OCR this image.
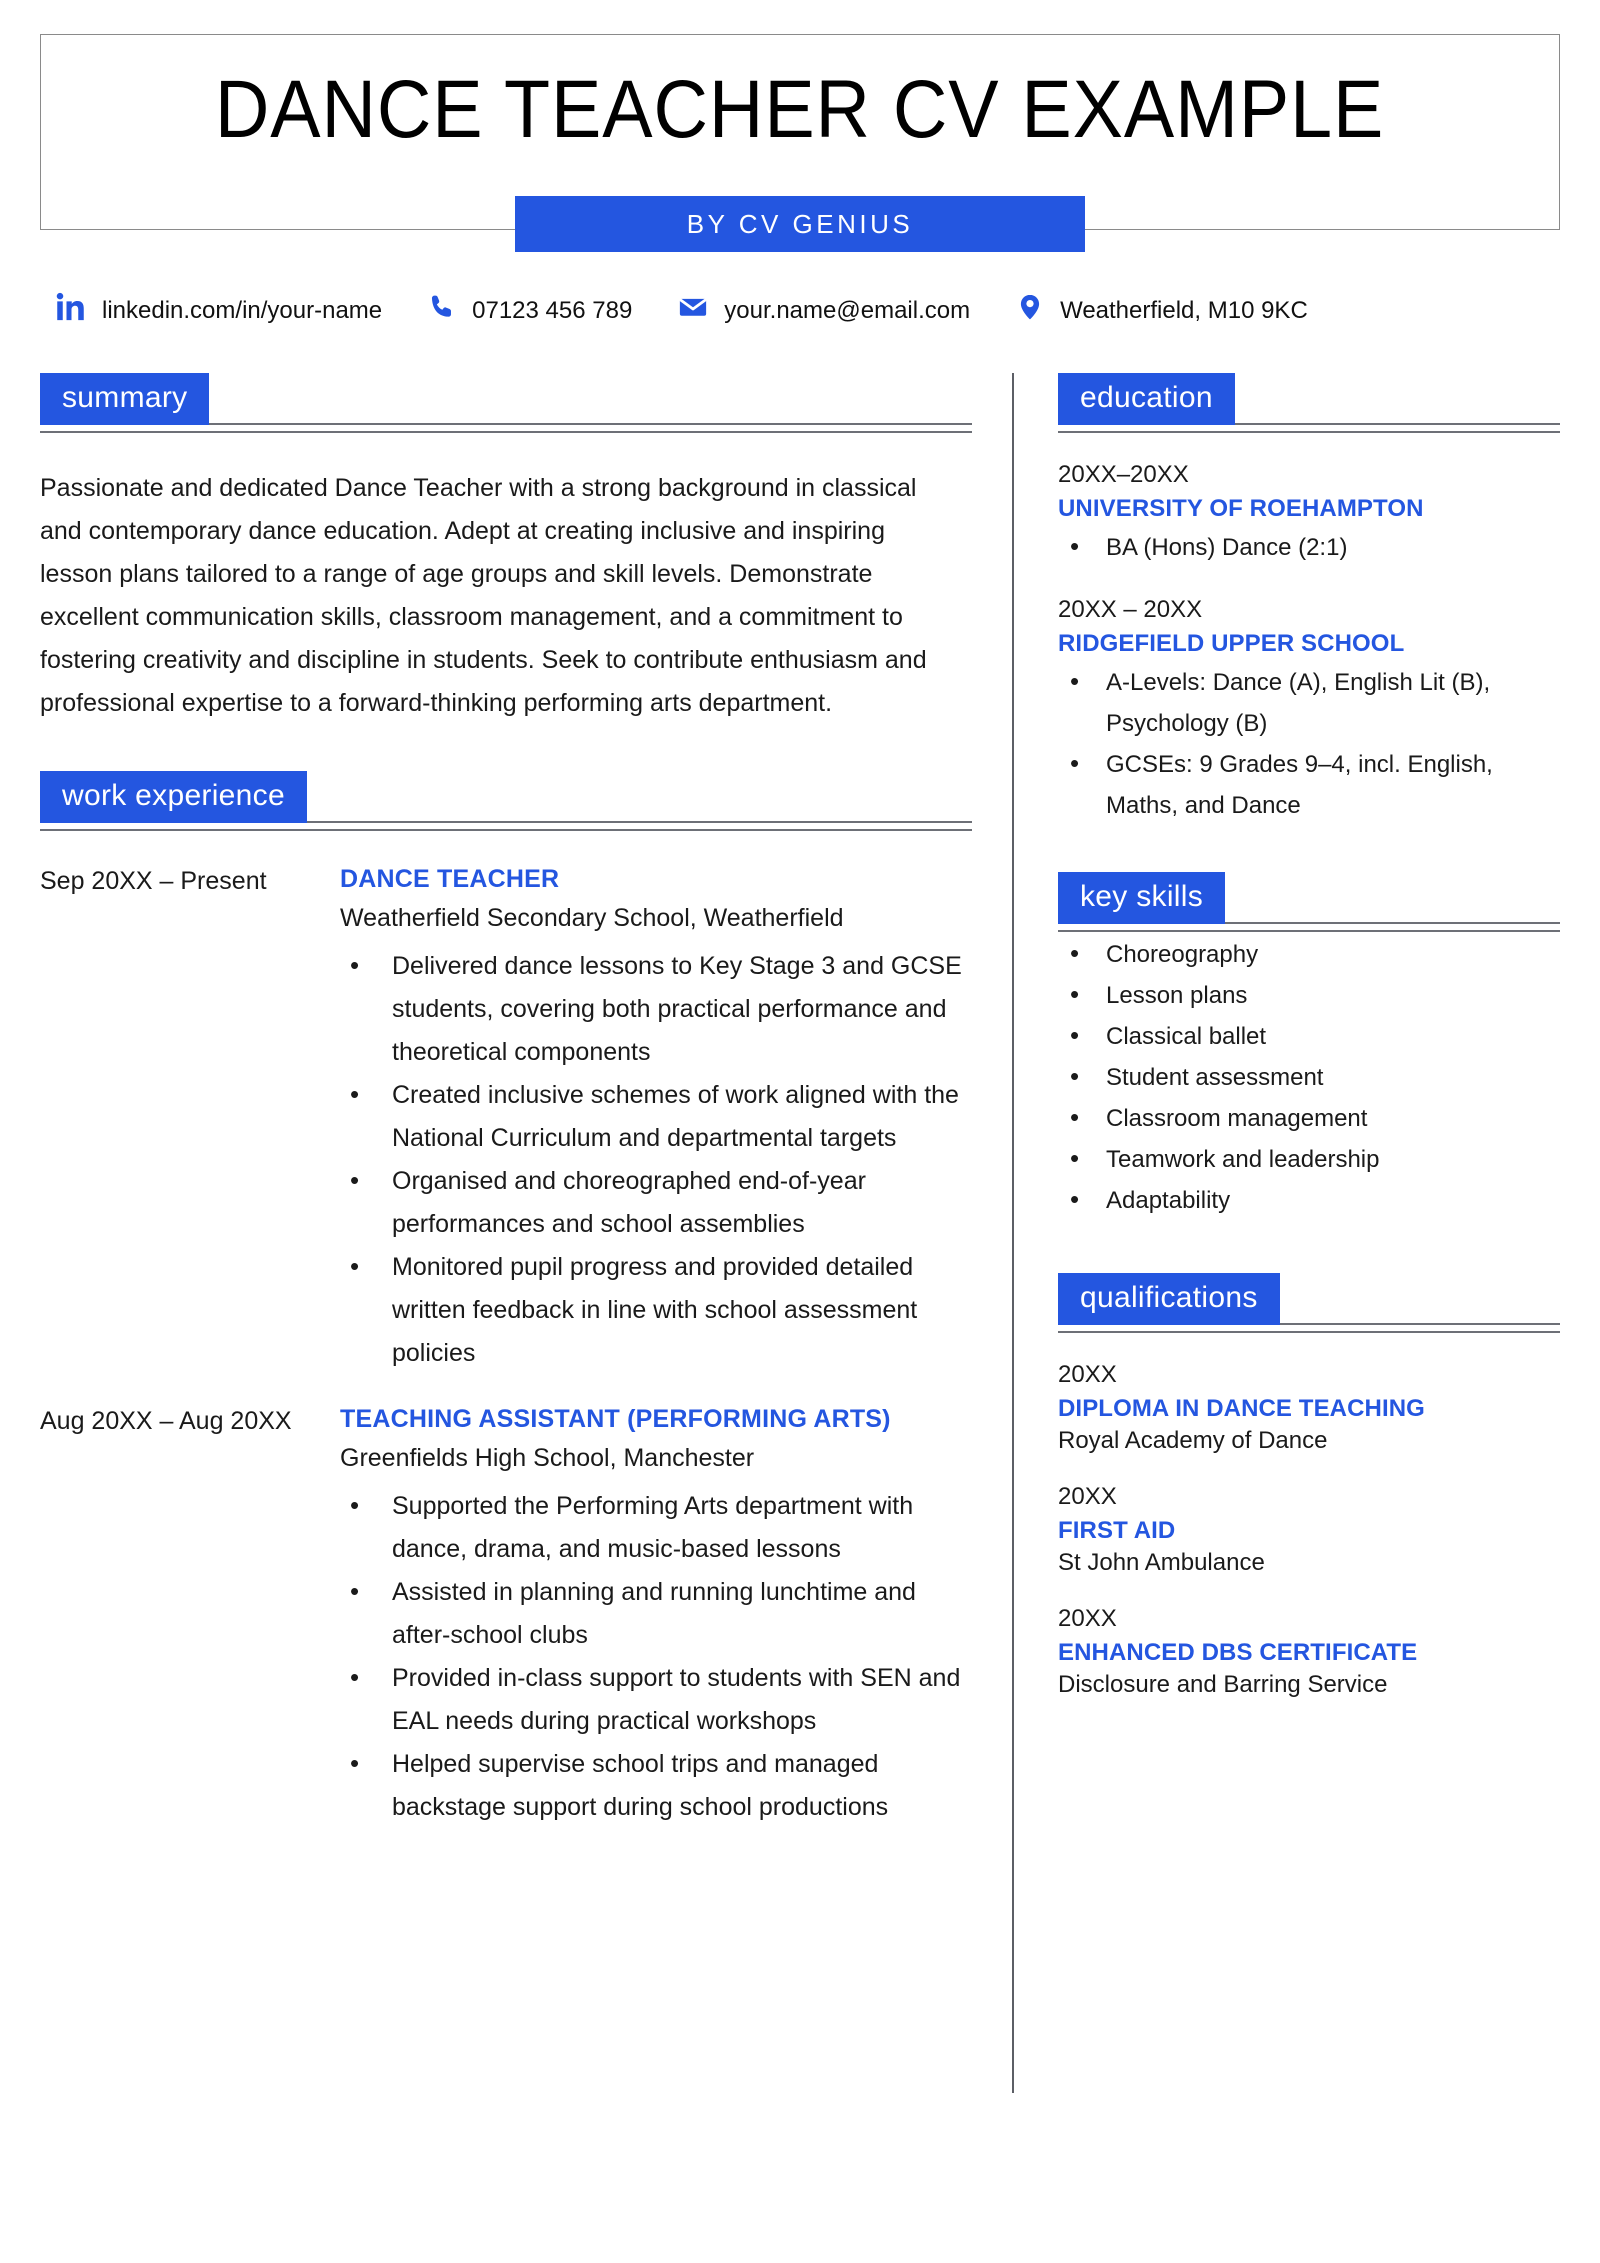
DANCE TEACHER CV EXAMPLE
BY CV GENIUS
linkedin.com/in/your-name	07123 456 789	your.name@email.com	Weatherfield, M10 9KC
summary

Passionate and dedicated Dance Teacher with a strong background in classical and contemporary dance education. Adept at creating inclusive and inspiring lesson plans tailored to a range of age groups and skill levels. Demonstrate excellent communication skills, classroom management, and a commitment to fostering creativity and discipline in students. Seek to contribute enthusiasm and professional expertise to a forward-thinking performing arts department.

work experience
Sep 20XX – Present	DANCE TEACHER
Weatherfield Secondary School, Weatherfield
• Delivered dance lessons to Key Stage 3 and GCSE students, covering both practical performance and theoretical components
• Created inclusive schemes of work aligned with the National Curriculum and departmental targets
• Organised and choreographed end-of-year performances and school assemblies
• Monitored pupil progress and provided detailed written feedback in line with school assessment policies
Aug 20XX – Aug 20XX	TEACHING ASSISTANT (PERFORMING ARTS)
Greenfields High School, Manchester
• Supported the Performing Arts department with dance, drama, and music-based lessons
• Assisted in planning and running lunchtime and after-school clubs
• Provided in-class support to students with SEN and EAL needs during practical workshops
• Helped supervise school trips and managed backstage support during school productions
education
20XX–20XX
UNIVERSITY OF ROEHAMPTON
• BA (Hons) Dance (2:1)
20XX – 20XX
RIDGEFIELD UPPER SCHOOL
• A-Levels: Dance (A), English Lit (B), Psychology (B)
• GCSEs: 9 Grades 9–4, incl. English, Maths, and Dance
key skills
• Choreography
• Lesson plans
• Classical ballet
• Student assessment
• Classroom management
• Teamwork and leadership
• Adaptability
qualifications
20XX
DIPLOMA IN DANCE TEACHING
Royal Academy of Dance
20XX
FIRST AID
St John Ambulance
20XX
ENHANCED DBS CERTIFICATE
Disclosure and Barring Service
